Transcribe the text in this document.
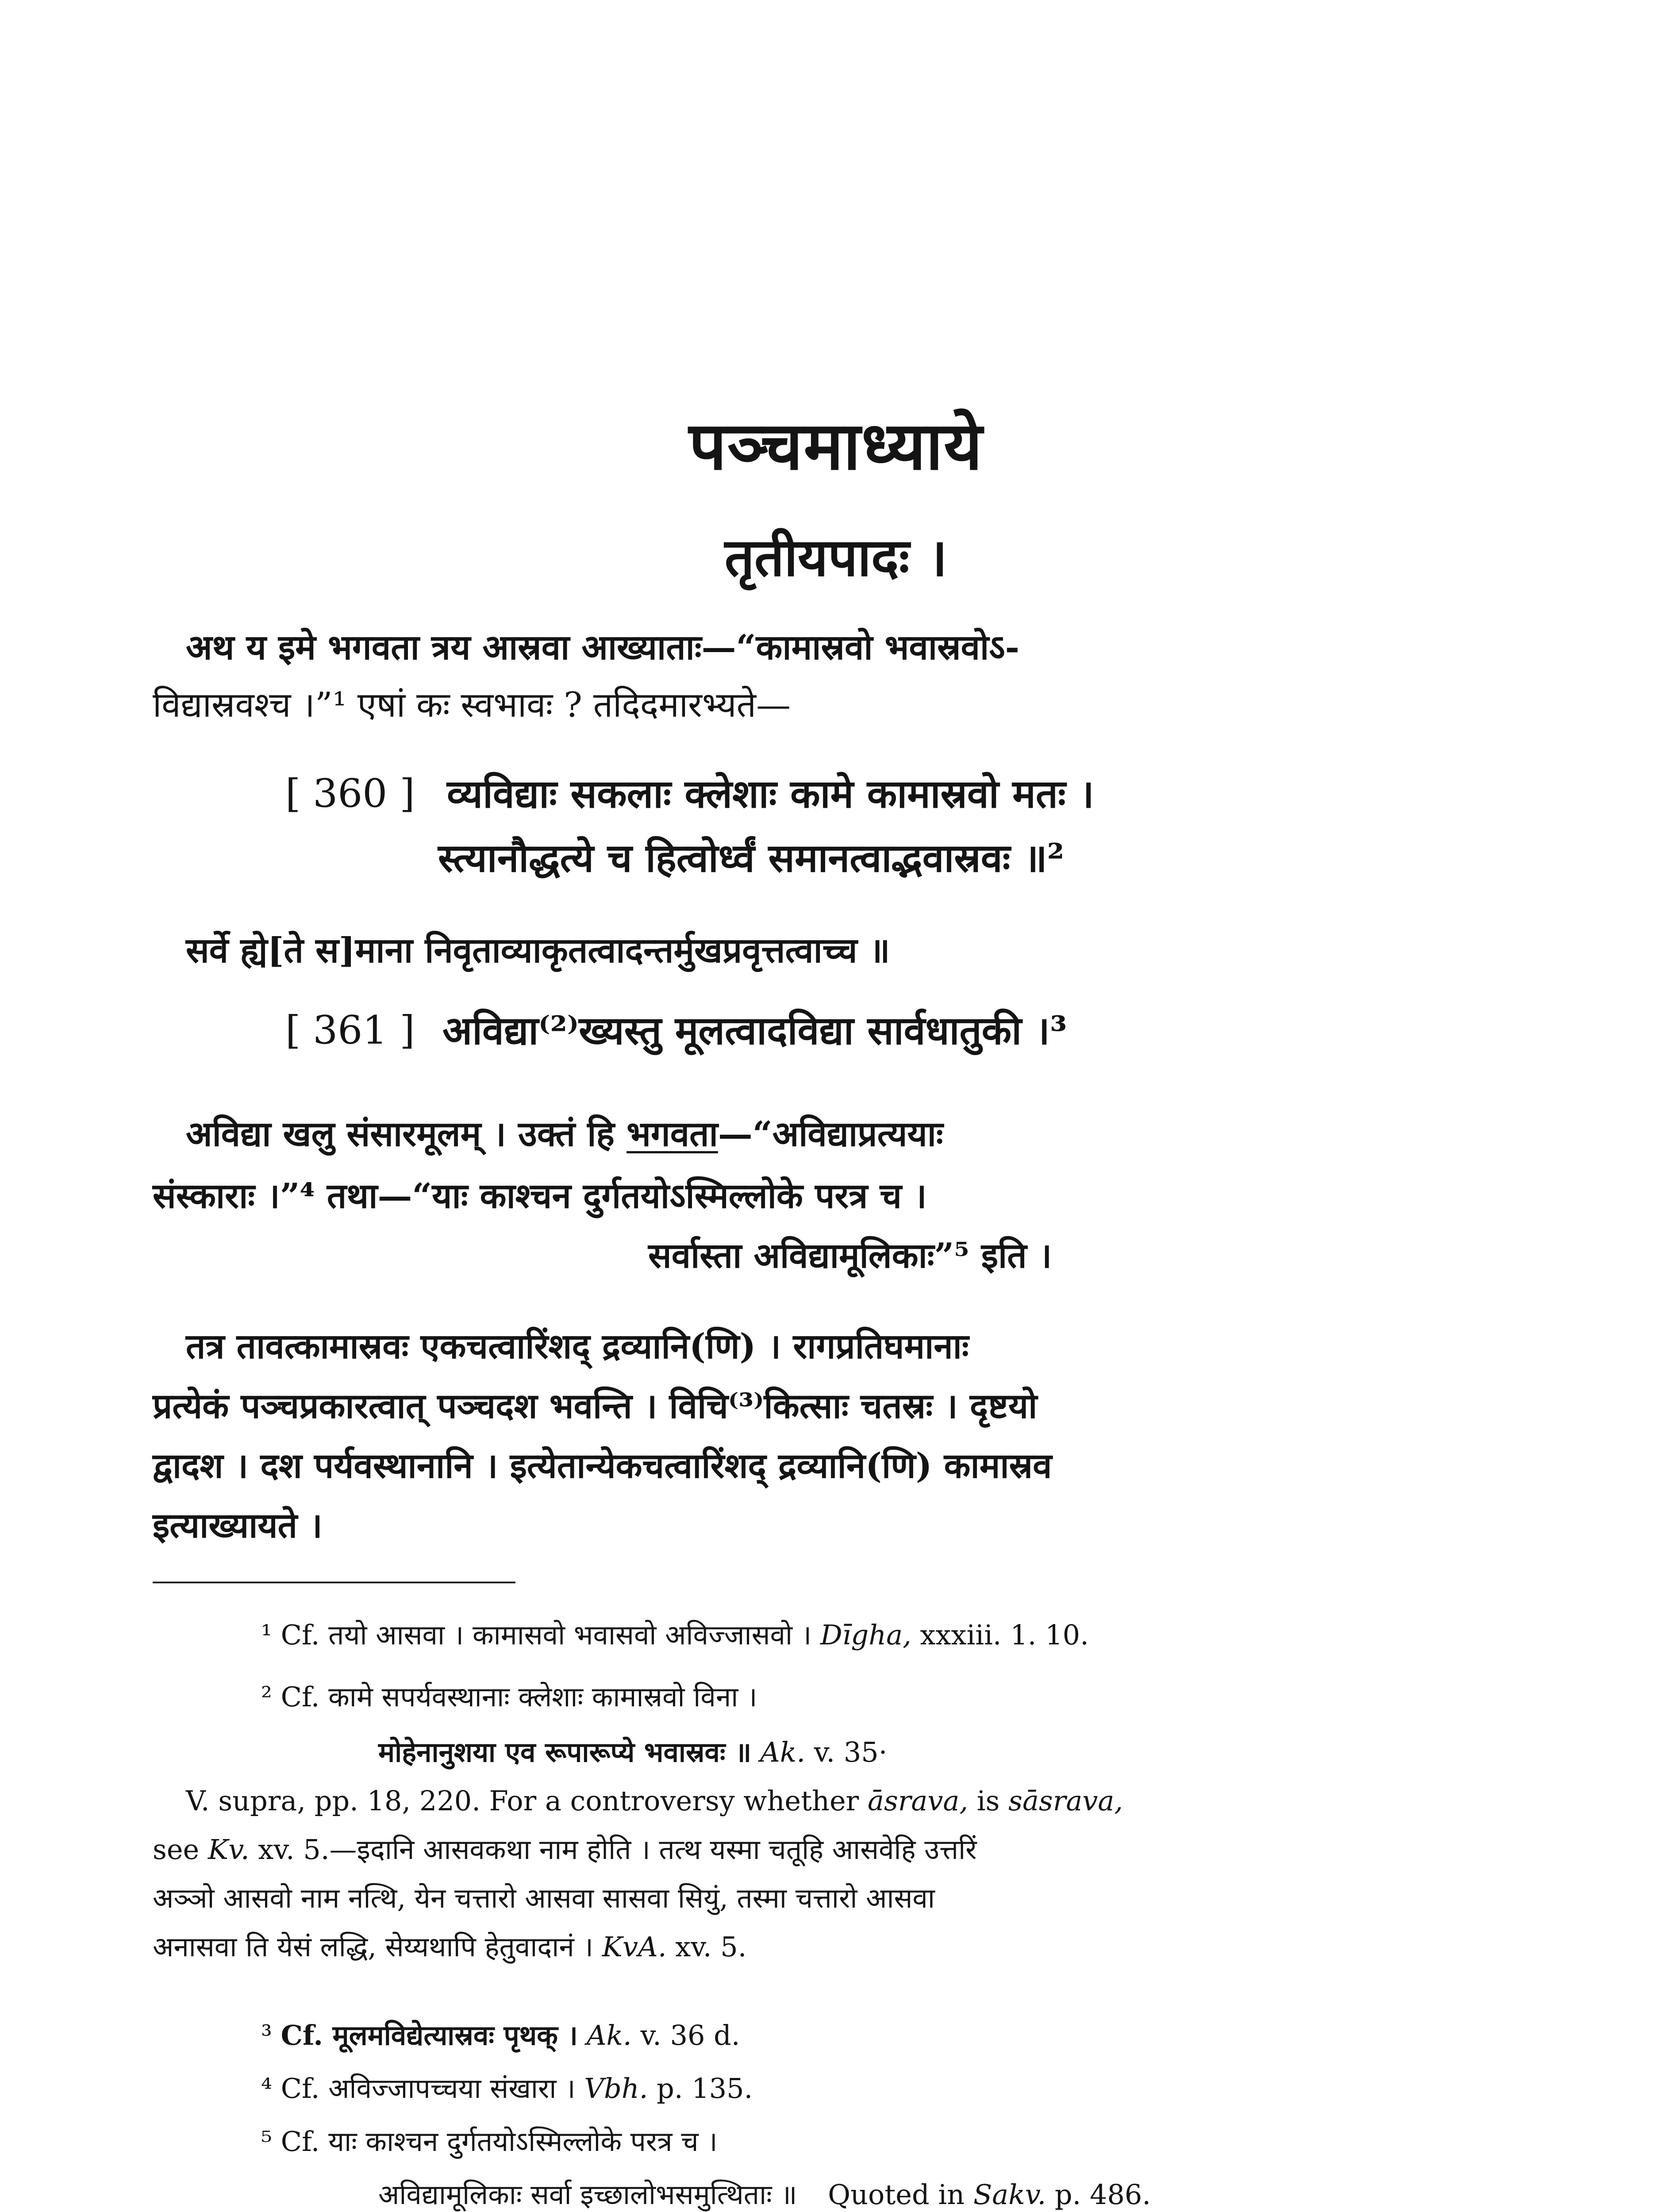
पञ्चमाध्याये
तृतीयपादः ।
अथ य इमे भगवता त्रय आस्रवा आख्याताः—“कामास्रवो भवास्रवोऽ-
विद्यास्रवश्च ।”¹ एषां कः स्वभावः ? तदिदमारभ्यते—
[ 360 ] व्यविद्याः सकलाः क्लेशाः कामे कामास्रवो मतः ।
स्त्यानौद्धत्ये च हित्वोर्ध्वं समानत्वाद्भवास्रवः ॥²
सर्वे ह्ये[ते स]माना निवृताव्याकृतत्वादन्तर्मुखप्रवृत्तत्वाच्च ॥
[ 361 ] अविद्या⁽²⁾ख्यस्तु मूलत्वादविद्या सार्वधातुकी ।³
अविद्या खलु संसारमूलम् । उक्तं हि भगवता—“अविद्याप्रत्ययाः
संस्काराः ।”⁴ तथा—“याः काश्चन दुर्गतयोऽस्मिल्लोके परत्र च ।
सर्वास्ता अविद्यामूलिकाः”⁵ इति ।
तत्र तावत्कामास्रवः एकचत्वारिंशद् द्रव्यानि(णि) । रागप्रतिघमानाः
प्रत्येकं पञ्चप्रकारत्वात् पञ्चदश भवन्ति । विचि⁽³⁾कित्साः चतस्रः । दृष्टयो
द्वादश । दश पर्यवस्थानानि । इत्येतान्येकचत्वारिंशद् द्रव्यानि(णि) कामास्रव
इत्याख्यायते ।
¹ Cf. तयो आसवा । कामासवो भवासवो अविज्जासवो । Dīgha, xxxiii. 1. 10.
² Cf. कामे सपर्यवस्थानाः क्लेशाः कामास्रवो विना ।
मोहेनानुशया एव रूपारूप्ये भवास्रवः ॥ Ak. v. 35·
V. supra, pp. 18, 220. For a controversy whether āsrava, is sāsrava,
see Kv. xv. 5.—इदानि आसवकथा नाम होति । तत्थ यस्मा चतूहि आसवेहि उत्तरिं
अञ्ञो आसवो नाम नत्थि, येन चत्तारो आसवा सासवा सियुं, तस्मा चत्तारो आसवा
अनासवा ति येसं लद्धि, सेय्यथापि हेतुवादानं । KvA. xv. 5.
³ Cf. मूलमविद्येत्यास्रवः पृथक् । Ak. v. 36 d.
⁴ Cf. अविज्जापच्चया संखारा । Vbh. p. 135.
⁵ Cf. याः काश्चन दुर्गतयोऽस्मिल्लोके परत्र च ।
अविद्यामूलिकाः सर्वा इच्छालोभसमुत्थिताः ॥ Quoted in Sakv. p. 486.
